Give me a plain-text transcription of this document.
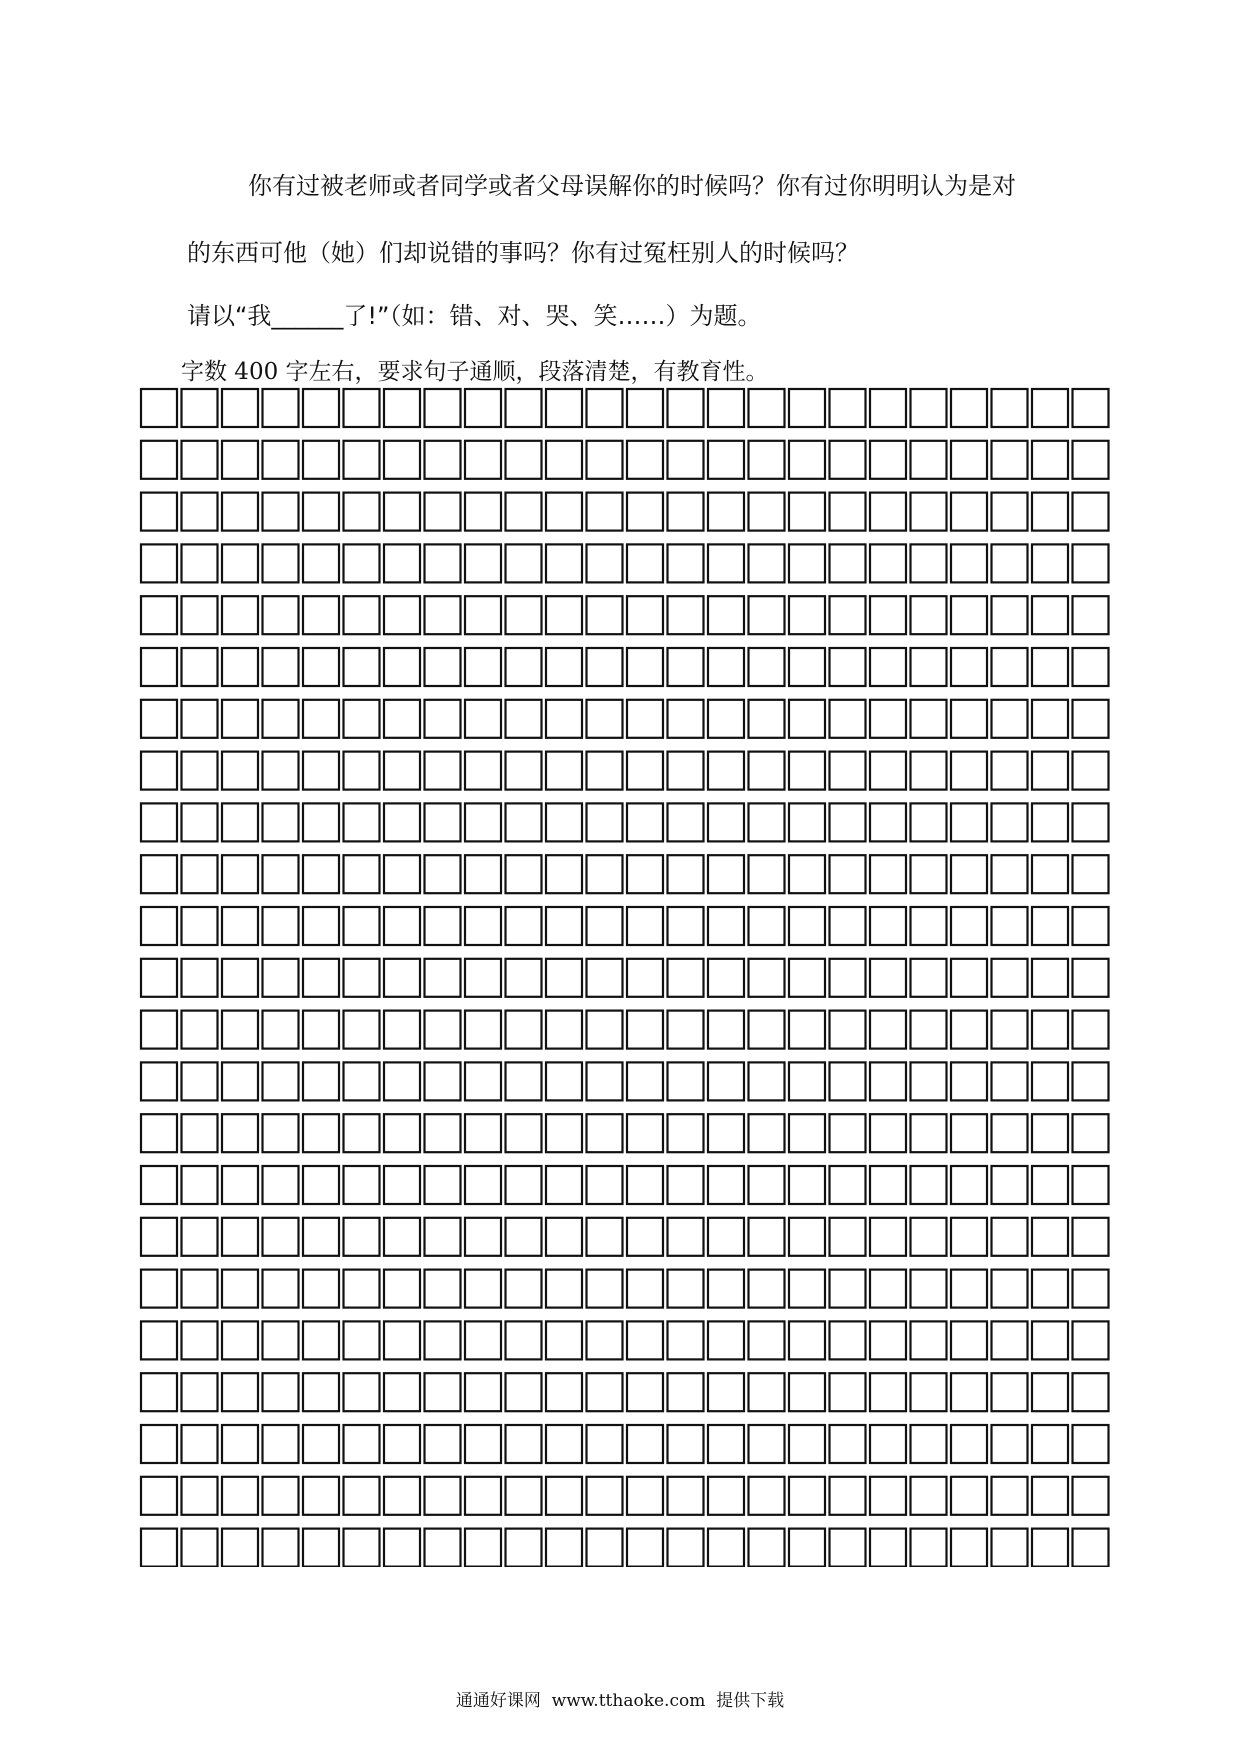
你有过被老师或者同学或者父母误解你的时候吗？你有过你明明认为是对
的东西可他（她）们却说错的事吗？你有过冤枉别人的时候吗？
请以“我______了!”（如：错、对、哭、笑……）为题。
字数 400 字左右，要求句子通顺，段落清楚，有教育性。
通通好课网  www.tthaoke.com  提供下载
